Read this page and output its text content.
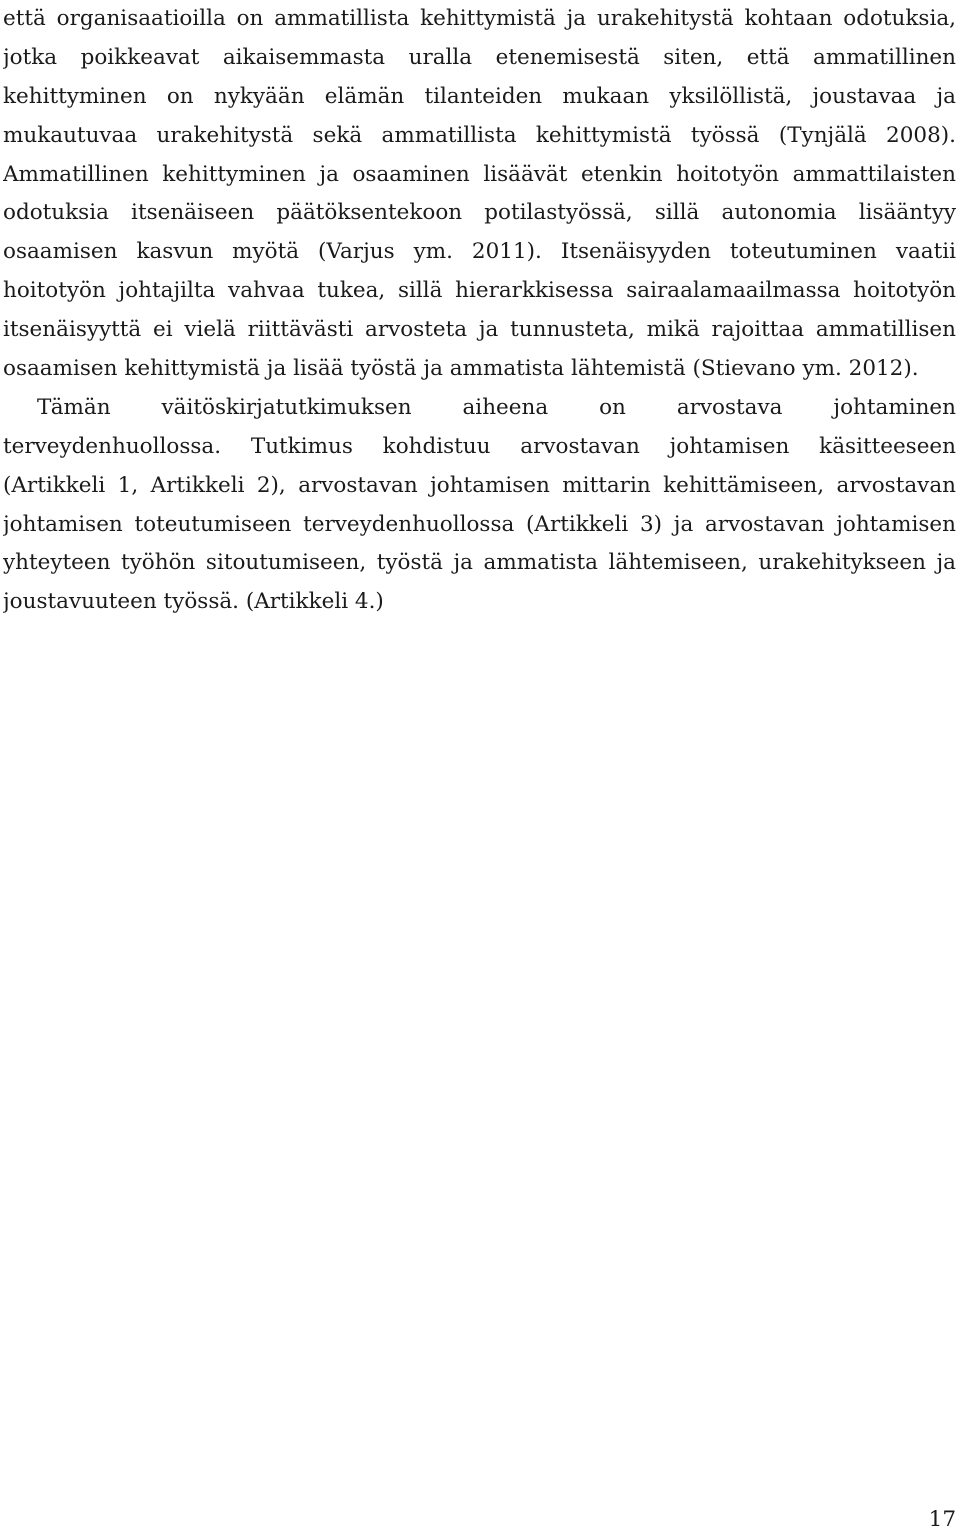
että organisaatioilla on ammatillista kehittymistä ja urakehitystä kohtaan odotuksia,
jotka poikkeavat aikaisemmasta uralla etenemisestä siten, että ammatillinen
kehittyminen on nykyään elämän tilanteiden mukaan yksilöllistä, joustavaa ja
mukautuvaa urakehitystä sekä ammatillista kehittymistä työssä (Tynjälä 2008).
Ammatillinen kehittyminen ja osaaminen lisäävät etenkin hoitotyön ammattilaisten
odotuksia itsenäiseen päätöksentekoon potilastyössä, sillä autonomia lisääntyy
osaamisen kasvun myötä (Varjus ym. 2011). Itsenäisyyden toteutuminen vaatii
hoitotyön johtajilta vahvaa tukea, sillä hierarkkisessa sairaalamaailmassa hoitotyön
itsenäisyyttä ei vielä riittävästi arvosteta ja tunnusteta, mikä rajoittaa ammatillisen
osaamisen kehittymistä ja lisää työstä ja ammatista lähtemistä (Stievano ym. 2012).
Tämän väitöskirjatutkimuksen aiheena on arvostava johtaminen
terveydenhuollossa. Tutkimus kohdistuu arvostavan johtamisen käsitteeseen
(Artikkeli 1, Artikkeli 2), arvostavan johtamisen mittarin kehittämiseen, arvostavan
johtamisen toteutumiseen terveydenhuollossa (Artikkeli 3) ja arvostavan johtamisen
yhteyteen työhön sitoutumiseen, työstä ja ammatista lähtemiseen, urakehitykseen ja
joustavuuteen työssä. (Artikkeli 4.)
17
